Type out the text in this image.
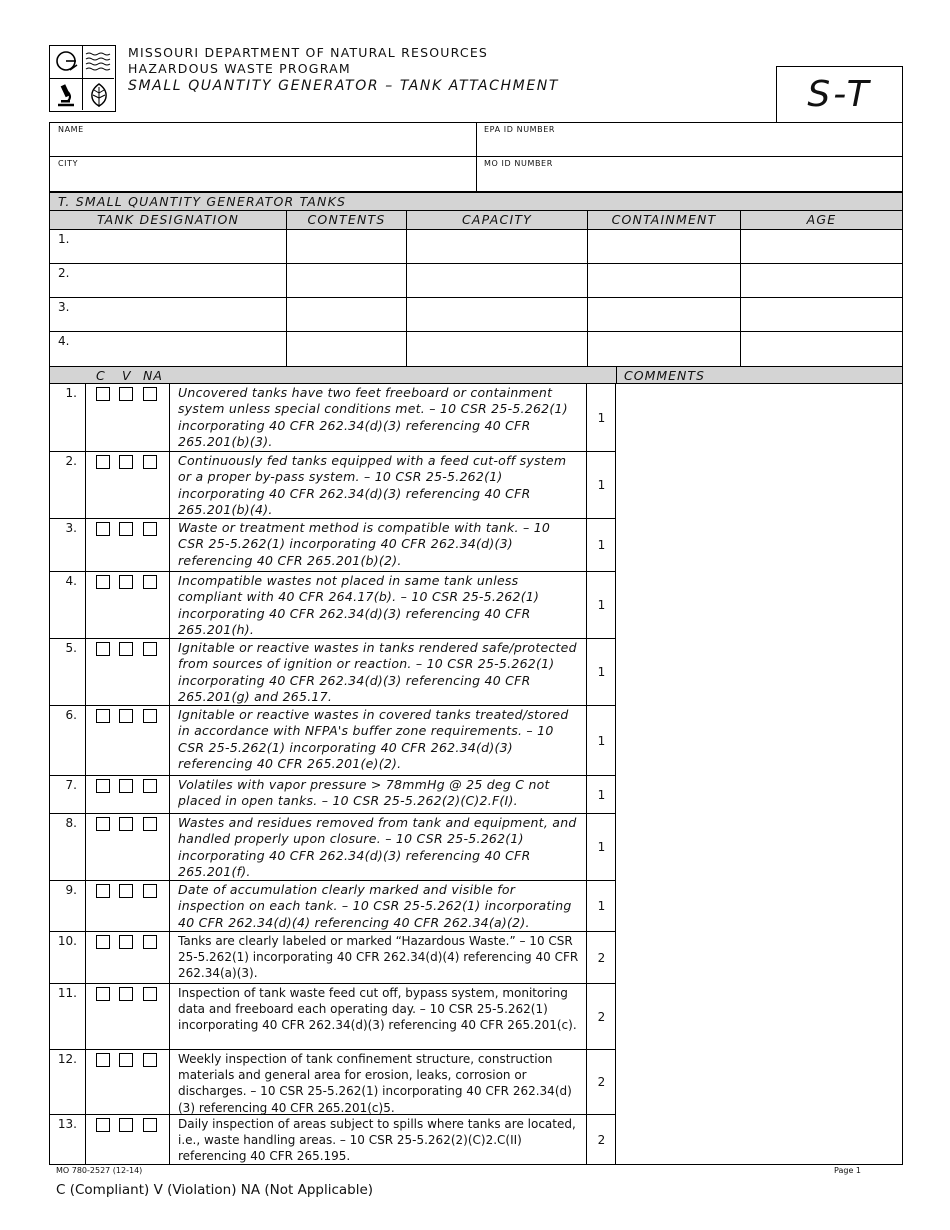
MISSOURI DEPARTMENT OF NATURAL RESOURCES
HAZARDOUS WASTE PROGRAM
SMALL QUANTITY GENERATOR – TANK ATTACHMENT	S-T
NAME	EPA ID NUMBER
CITY	MO ID NUMBER
T. SMALL QUANTITY GENERATOR TANKS
TANK DESIGNATION	CONTENTS	CAPACITY	CONTAINMENT	AGE
1.
2.
3.
4.
C V NA	COMMENTS
1.	Uncovered tanks have two feet freeboard or containment system unless special conditions met. – 10 CSR 25-5.262(1) incorporating 40 CFR 262.34(d)(3) referencing 40 CFR 265.201(b)(3).
1
2.	Continuously fed tanks equipped with a feed cut-off system or a proper by-pass system. – 10 CSR 25-5.262(1) incorporating 40 CFR 262.34(d)(3) referencing 40 CFR 265.201(b)(4).
1
3.	Waste or treatment method is compatible with tank. – 10 CSR 25-5.262(1) incorporating 40 CFR 262.34(d)(3) referencing 40 CFR 265.201(b)(2).
1
4.	Incompatible wastes not placed in same tank unless compliant with 40 CFR 264.17(b). – 10 CSR 25-5.262(1) incorporating 40 CFR 262.34(d)(3) referencing 40 CFR 265.201(h).
1
5.	Ignitable or reactive wastes in tanks rendered safe/protected from sources of ignition or reaction. – 10 CSR 25-5.262(1) incorporating 40 CFR 262.34(d)(3) referencing 40 CFR 265.201(g) and 265.17.
1
6.	Ignitable or reactive wastes in covered tanks treated/stored in accordance with NFPA's buffer zone requirements. – 10 CSR 25-5.262(1) incorporating 40 CFR 262.34(d)(3) referencing 40 CFR 265.201(e)(2).
1
7.	Volatiles with vapor pressure > 78mmHg @ 25 deg C not placed in open tanks. – 10 CSR 25-5.262(2)(C)2.F(I).	1
8.	Wastes and residues removed from tank and equipment, and handled properly upon closure. – 10 CSR 25-5.262(1) incorporating 40 CFR 262.34(d)(3) referencing 40 CFR 265.201(f).
1
9.	Date of accumulation clearly marked and visible for inspection on each tank. – 10 CSR 25-5.262(1) incorporating 40 CFR 262.34(d)(4) referencing 40 CFR 262.34(a)(2).
1
10.	Tanks are clearly labeled or marked “Hazardous Waste.” – 10 CSR 25-5.262(1) incorporating 40 CFR 262.34(d)(4) referencing 40 CFR 262.34(a)(3).
2
11.	Inspection of tank waste feed cut off, bypass system, monitoring data and freeboard each operating day. – 10 CSR 25-5.262(1) incorporating 40 CFR 262.34(d)(3) referencing 40 CFR 265.201(c).
2
12.	Weekly inspection of tank confinement structure, construction materials and general area for erosion, leaks, corrosion or discharges. – 10 CSR 25-5.262(1) incorporating 40 CFR 262.34(d)(3) referencing 40 CFR 265.201(c)5.
2
13.	Daily inspection of areas subject to spills where tanks are located, i.e., waste handling areas. – 10 CSR 25-5.262(2)(C)2.C(II) referencing 40 CFR 265.195.
2
MO 780-2527 (12-14)	Page 1
C (Compliant) V (Violation) NA (Not Applicable)
